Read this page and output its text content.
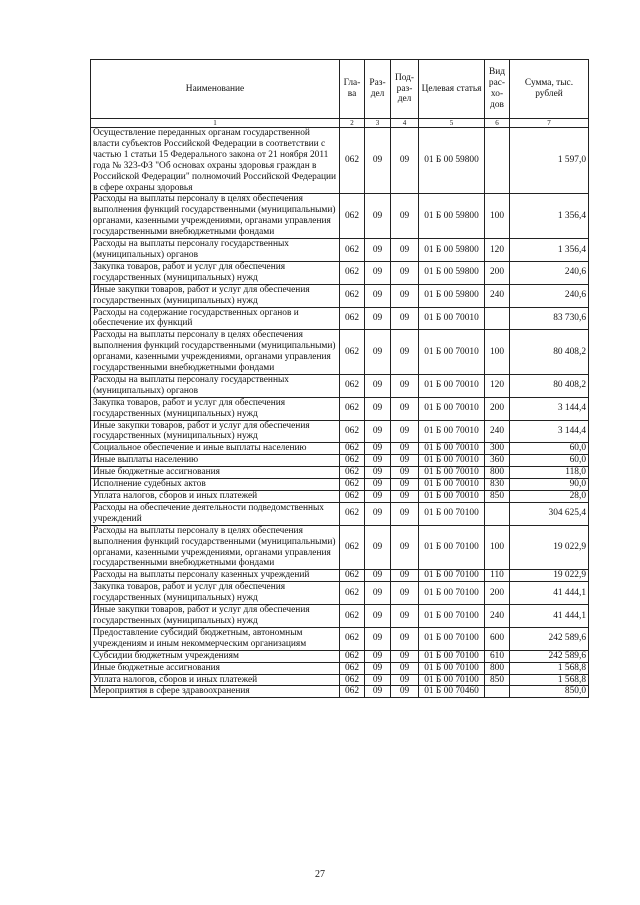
Наименование	Гла-ва	Раз-дел	Под-раз-дел	Целевая статья	Вид рас-хо-дов	Сумма, тыс. рублей
1	2	3	4	5	6	7
Осуществление переданных органам государственной власти субъектов Российской Федерации в соответствии с частью 1 статьи 15 Федерального закона от 21 ноября 2011 года № 323-ФЗ "Об основах охраны здоровья граждан в Российской Федерации" полномочий Российской Федерации в сфере охраны здоровья	062	09	09	01 Б 00 59800		1 597,0
Расходы на выплаты персоналу в целях обеспечения выполнения функций государственными (муниципальными) органами, казенными учреждениями, органами управления государственными внебюджетными фондами	062	09	09	01 Б 00 59800	100	1 356,4
Расходы на выплаты персоналу государственных (муниципальных) органов	062	09	09	01 Б 00 59800	120	1 356,4
Закупка товаров, работ и услуг для обеспечения государственных (муниципальных) нужд	062	09	09	01 Б 00 59800	200	240,6
Иные закупки товаров, работ и услуг для обеспечения государственных (муниципальных) нужд	062	09	09	01 Б 00 59800	240	240,6
Расходы на содержание государственных органов и обеспечение их функций	062	09	09	01 Б 00 70010		83 730,6
Расходы на выплаты персоналу в целях обеспечения выполнения функций государственными (муниципальными) органами, казенными учреждениями, органами управления государственными внебюджетными фондами	062	09	09	01 Б 00 70010	100	80 408,2
Расходы на выплаты персоналу государственных (муниципальных) органов	062	09	09	01 Б 00 70010	120	80 408,2
Закупка товаров, работ и услуг для обеспечения государственных (муниципальных) нужд	062	09	09	01 Б 00 70010	200	3 144,4
Иные закупки товаров, работ и услуг для обеспечения государственных (муниципальных) нужд	062	09	09	01 Б 00 70010	240	3 144,4
Социальное обеспечение и иные выплаты населению	062	09	09	01 Б 00 70010	300	60,0
Иные выплаты населению	062	09	09	01 Б 00 70010	360	60,0
Иные бюджетные ассигнования	062	09	09	01 Б 00 70010	800	118,0
Исполнение судебных актов	062	09	09	01 Б 00 70010	830	90,0
Уплата налогов, сборов и иных платежей	062	09	09	01 Б 00 70010	850	28,0
Расходы на обеспечение деятельности подведомственных учреждений	062	09	09	01 Б 00 70100		304 625,4
Расходы на выплаты персоналу в целях обеспечения выполнения функций государственными (муниципальными) органами, казенными учреждениями, органами управления государственными внебюджетными фондами	062	09	09	01 Б 00 70100	100	19 022,9
Расходы на выплаты персоналу казенных учреждений	062	09	09	01 Б 00 70100	110	19 022,9
Закупка товаров, работ и услуг для обеспечения государственных (муниципальных) нужд	062	09	09	01 Б 00 70100	200	41 444,1
Иные закупки товаров, работ и услуг для обеспечения государственных (муниципальных) нужд	062	09	09	01 Б 00 70100	240	41 444,1
Предоставление субсидий бюджетным, автономным учреждениям и иным некоммерческим организациям	062	09	09	01 Б 00 70100	600	242 589,6
Субсидии бюджетным учреждениям	062	09	09	01 Б 00 70100	610	242 589,6
Иные бюджетные ассигнования	062	09	09	01 Б 00 70100	800	1 568,8
Уплата налогов, сборов и иных платежей	062	09	09	01 Б 00 70100	850	1 568,8
Мероприятия в сфере здравоохранения	062	09	09	01 Б 00 70460		850,0
27
